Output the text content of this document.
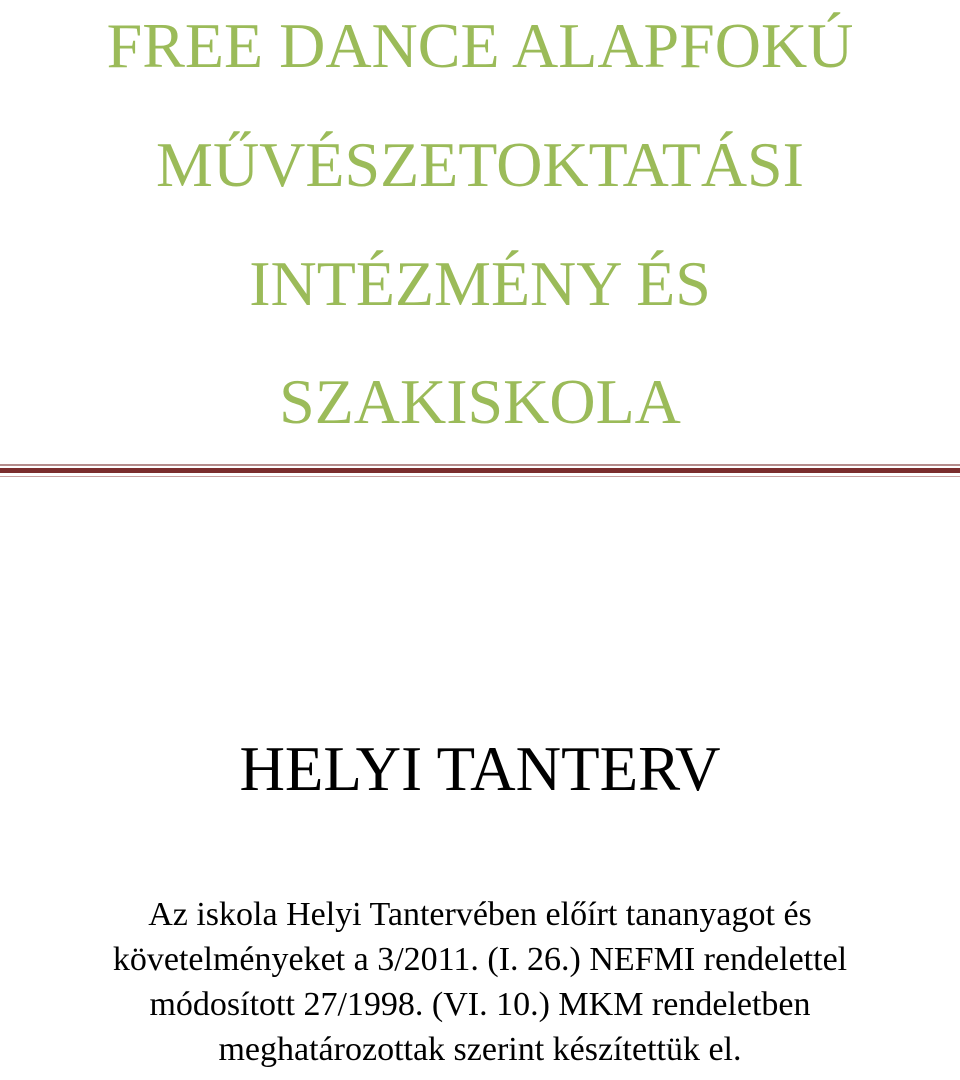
FREE DANCE ALAPFOKÚ
MŰVÉSZETOKTATÁSI
INTÉZMÉNY ÉS
SZAKISKOLA
HELYI TANTERV
Az iskola Helyi Tantervében előírt tananyagot és
követelményeket a 3/2011. (I. 26.) NEFMI rendelettel
módosított 27/1998. (VI. 10.) MKM rendeletben
meghatározottak szerint készítettük el.
